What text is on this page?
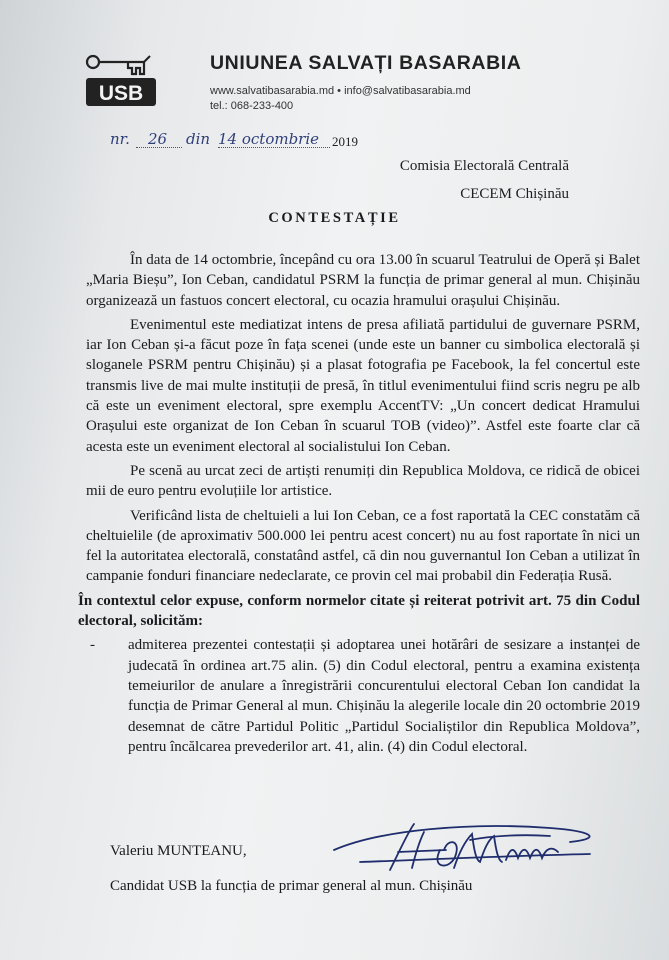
USB
UNIUNEA SALVAȚI BASARABIA
www.salvatibasarabia.md • info@salvatibasarabia.md
tel.: 068-233-400
nr. 26 din 14 octombrie 2019
Comisia Electorală Centrală
CECEM Chișinău
CONTESTAȚIE

În data de 14 octombrie, începând cu ora 13.00 în scuarul Teatrului de Operă și Balet „Maria Bieșu”, Ion Ceban, candidatul PSRM la funcția de primar general al mun. Chișinău organizează un fastuos concert electoral, cu ocazia hramului orașului Chișinău.

Evenimentul este mediatizat intens de presa afiliată partidului de guvernare PSRM, iar Ion Ceban și-a făcut poze în fața scenei (unde este un banner cu simbolica electorală și sloganele PSRM pentru Chișinău) și a plasat fotografia pe Facebook, la fel concertul este transmis live de mai multe instituții de presă, în titlul evenimentului fiind scris negru pe alb că este un eveniment electoral, spre exemplu AccentTV: „Un concert dedicat Hramului Orașului este organizat de Ion Ceban în scuarul TOB (video)”. Astfel este foarte clar că acesta este un eveniment electoral al socialistului Ion Ceban.

Pe scenă au urcat zeci de artiști renumiți din Republica Moldova, ce ridică de obicei mii de euro pentru evoluțiile lor artistice.

Verificând lista de cheltuieli a lui Ion Ceban, ce a fost raportată la CEC constatăm că cheltuielile (de aproximativ 500.000 lei pentru acest concert) nu au fost raportate în nici un fel la autoritatea electorală, constatând astfel, că din nou guvernantul Ion Ceban a utilizat în campanie fonduri financiare nedeclarate, ce provin cel mai probabil din Federația Rusă.

În contextul celor expuse, conform normelor citate și reiterat potrivit art. 75 din Codul electoral, solicităm:

-	admiterea prezentei contestații și adoptarea unei hotărâri de sesizare a instanței de judecată în ordinea art.75 alin. (5) din Codul electoral, pentru a examina existența temeiurilor de anulare a înregistrării concurentului electoral Ceban Ion candidat la funcția de Primar General al mun. Chișinău la alegerile locale din 20 octombrie 2019 desemnat de către Partidul Politic „Partidul Socialiștilor din Republica Moldova”, pentru încălcarea prevederilor art. 41, alin. (4) din Codul electoral.
Valeriu MUNTEANU,
Candidat USB la funcția de primar general al mun. Chișinău
